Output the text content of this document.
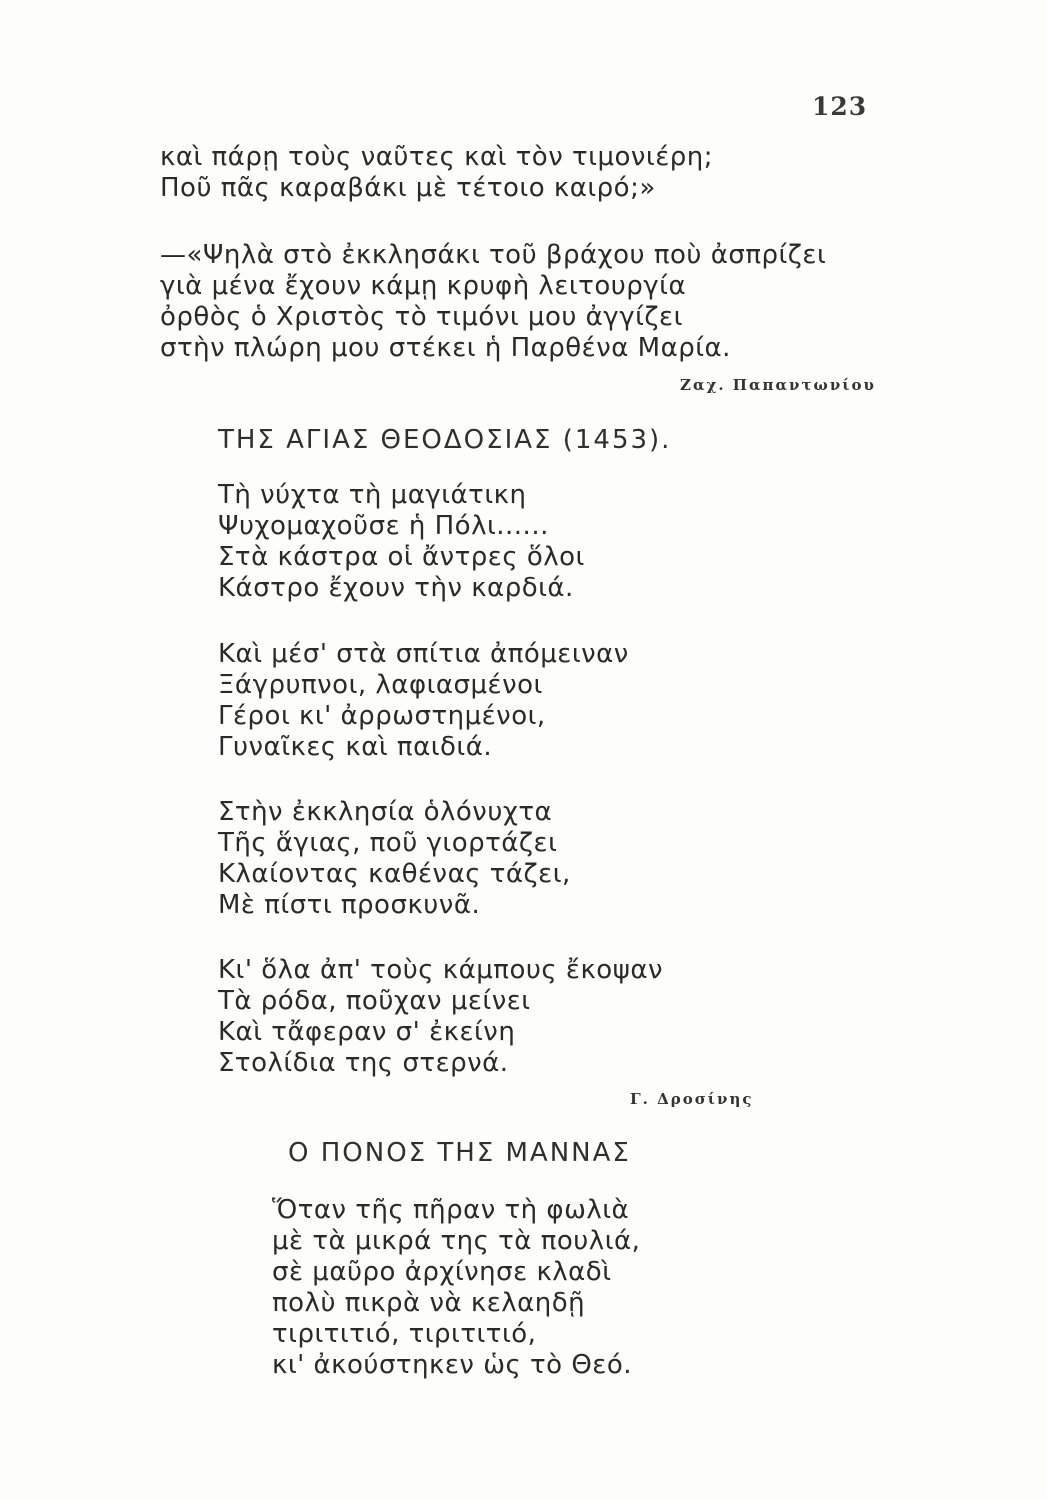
123
καὶ πάρῃ τοὺς ναῦτες καὶ τὸν τιμονιέρη;
Ποῦ πᾶς καραβάκι μὲ τέτοιο καιρό;»
—«Ψηλὰ στὸ ἐκκλησάκι τοῦ βράχου ποὺ ἀσπρίζει
γιὰ μένα ἔχουν κάμῃ κρυφὴ λειτουργία
ὀρθὸς ὁ Χριστὸς τὸ τιμόνι μου ἀγγίζει
στὴν πλώρη μου στέκει ἡ Παρθένα Μαρία.
Ζαχ. Παπαντωνίου
ΤΗΣ ΑΓΙΑΣ ΘΕΟΔΟΣΙΑΣ (1453).
Τὴ νύχτα τὴ μαγιάτικη
Ψυχομαχοῦσε ἡ Πόλι......
Στὰ κάστρα οἱ ἄντρες ὅλοι
Κάστρο ἔχουν τὴν καρδιά.
Καὶ μέσ' στὰ σπίτια ἀπόμειναν
Ξάγρυπνοι, λαφιασμένοι
Γέροι κι' ἀρρωστημένοι,
Γυναῖκες καὶ παιδιά.
Στὴν ἐκκλησία ὁλόνυχτα
Τῆς ἅγιας, ποῦ γιορτάζει
Κλαίοντας καθένας τάζει,
Μὲ πίστι προσκυνᾶ.
Κι' ὅλα ἀπ' τοὺς κάμπους ἔκοψαν
Τὰ ρόδα, ποῦχαν μείνει
Καὶ τἄφεραν σ' ἐκείνη
Στολίδια της στερνά.
Γ. Δροσίνης
Ο ΠΟΝΟΣ ΤΗΣ ΜΑΝΝΑΣ
Ὅταν τῆς πῆραν τὴ φωλιὰ
μὲ τὰ μικρά της τὰ πουλιά,
σὲ μαῦρο ἀρχίνησε κλαδὶ
πολὺ πικρὰ νὰ κελαηδῇ
τιριτιτιό, τιριτιτιό,
κι' ἀκούστηκεν ὡς τὸ Θεό.
